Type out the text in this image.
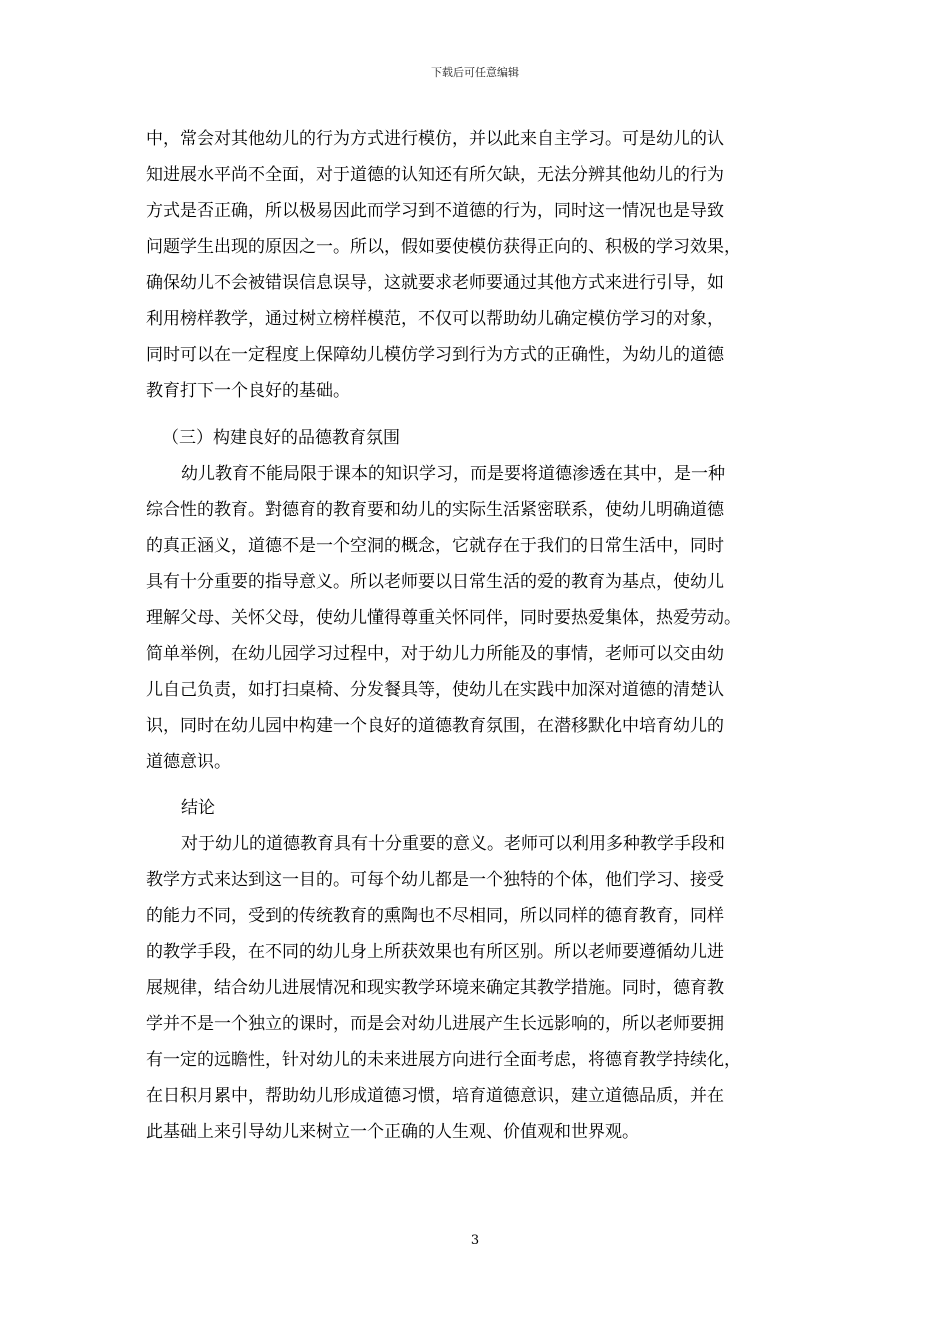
下载后可任意编辑
中，常会对其他幼儿的行为方式进行模仿，并以此来自主学习。可是幼儿的认
知进展水平尚不全面，对于道德的认知还有所欠缺，无法分辨其他幼儿的行为
方式是否正确，所以极易因此而学习到不道德的行为，同时这一情况也是导致
问题学生出现的原因之一。所以，假如要使模仿获得正向的、积极的学习效果，
确保幼儿不会被错误信息误导，这就要求老师要通过其他方式来进行引导，如
利用榜样教学，通过树立榜样模范，不仅可以帮助幼儿确定模仿学习的对象，
同时可以在一定程度上保障幼儿模仿学习到行为方式的正确性，为幼儿的道德
教育打下一个良好的基础。
（三）构建良好的品德教育氛围
幼儿教育不能局限于课本的知识学习，而是要将道德渗透在其中，是一种
综合性的教育。對德育的教育要和幼儿的实际生活紧密联系，使幼儿明确道德
的真正涵义，道德不是一个空洞的概念，它就存在于我们的日常生活中，同时
具有十分重要的指导意义。所以老师要以日常生活的爱的教育为基点，使幼儿
理解父母、关怀父母，使幼儿懂得尊重关怀同伴，同时要热爱集体，热爱劳动。
简单举例，在幼儿园学习过程中，对于幼儿力所能及的事情，老师可以交由幼
儿自己负责，如打扫桌椅、分发餐具等，使幼儿在实践中加深对道德的清楚认
识，同时在幼儿园中构建一个良好的道德教育氛围，在潜移默化中培育幼儿的
道德意识。
结论
对于幼儿的道德教育具有十分重要的意义。老师可以利用多种教学手段和
教学方式来达到这一目的。可每个幼儿都是一个独特的个体，他们学习、接受
的能力不同，受到的传统教育的熏陶也不尽相同，所以同样的德育教育，同样
的教学手段，在不同的幼儿身上所获效果也有所区别。所以老师要遵循幼儿进
展规律，结合幼儿进展情况和现实教学环境来确定其教学措施。同时，德育教
学并不是一个独立的课时，而是会对幼儿进展产生长远影响的，所以老师要拥
有一定的远瞻性，针对幼儿的未来进展方向进行全面考虑，将德育教学持续化，
在日积月累中，帮助幼儿形成道德习惯，培育道德意识，建立道德品质，并在
此基础上来引导幼儿来树立一个正确的人生观、价值观和世界观。
3
